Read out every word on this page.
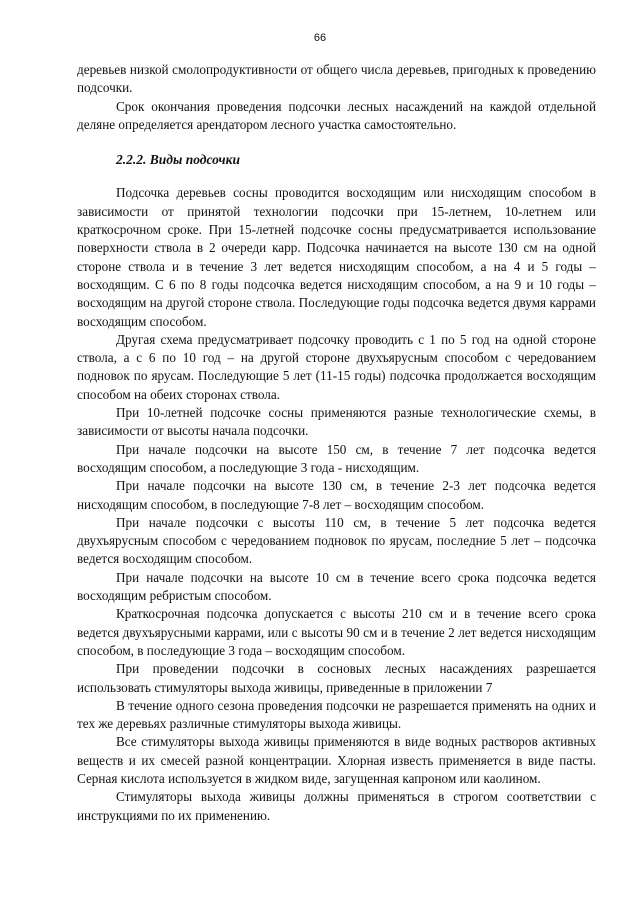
66

деревьев низкой смолопродуктивности от общего числа деревьев, пригодных к проведению подсочки.

Срок окончания проведения подсочки лесных насаждений на каждой отдельной деляне определяется арендатором лесного участка самостоятельно.

2.2.2. Виды подсочки

Подсочка деревьев сосны проводится восходящим или нисходящим способом в зависимости от принятой технологии подсочки при 15-летнем, 10-летнем или краткосрочном сроке. При 15-летней подсочке сосны предусматривается использование поверхности ствола в 2 очереди карр. Подсочка начинается на высоте 130 см на одной стороне ствола и в течение 3 лет ведется нисходящим способом, а на 4 и 5 годы – восходящим. С 6 по 8 годы подсочка ведется нисходящим способом, а на 9 и 10 годы – восходящим на другой стороне ствола. Последующие годы подсочка ведется двумя каррами восходящим способом.

Другая схема предусматривает подсочку проводить с 1 по 5 год на одной стороне ствола, а с 6 по 10 год – на другой стороне двухъярусным способом с чередованием подновок по ярусам. Последующие 5 лет (11-15 годы) подсочка продолжается восходящим способом на обеих сторонах ствола.

При 10-летней подсочке сосны применяются разные технологические схемы, в зависимости от высоты начала подсочки.

При начале подсочки на высоте 150 см, в течение 7 лет подсочка ведется восходящим способом, а последующие 3 года - нисходящим.

При начале подсочки на высоте 130 см, в течение 2-3 лет подсочка ведется нисходящим способом, в последующие 7-8 лет – восходящим способом.

При начале подсочки с высоты 110 см, в течение 5 лет подсочка ведется двухъярусным способом с чередованием подновок по ярусам, последние 5 лет – подсочка ведется восходящим способом.

При начале подсочки на высоте 10 см в течение всего срока подсочка ведется восходящим ребристым способом.

Краткосрочная подсочка допускается с высоты 210 см и в течение всего срока ведется двухъярусными каррами, или с высоты 90 см и в течение 2 лет ведется нисходящим способом, в последующие 3 года – восходящим способом.

При проведении подсочки в сосновых лесных насаждениях разрешается использовать стимуляторы выхода живицы, приведенные в приложении 7

В течение одного сезона проведения подсочки не разрешается применять на одних и тех же деревьях различные стимуляторы выхода живицы.

Все стимуляторы выхода живицы применяются в виде водных растворов активных веществ и их смесей разной концентрации. Хлорная известь применяется в виде пасты. Серная кислота используется в жидком виде, загущенная капроном или каолином.

Стимуляторы выхода живицы должны применяться в строгом соответствии с инструкциями по их применению.
